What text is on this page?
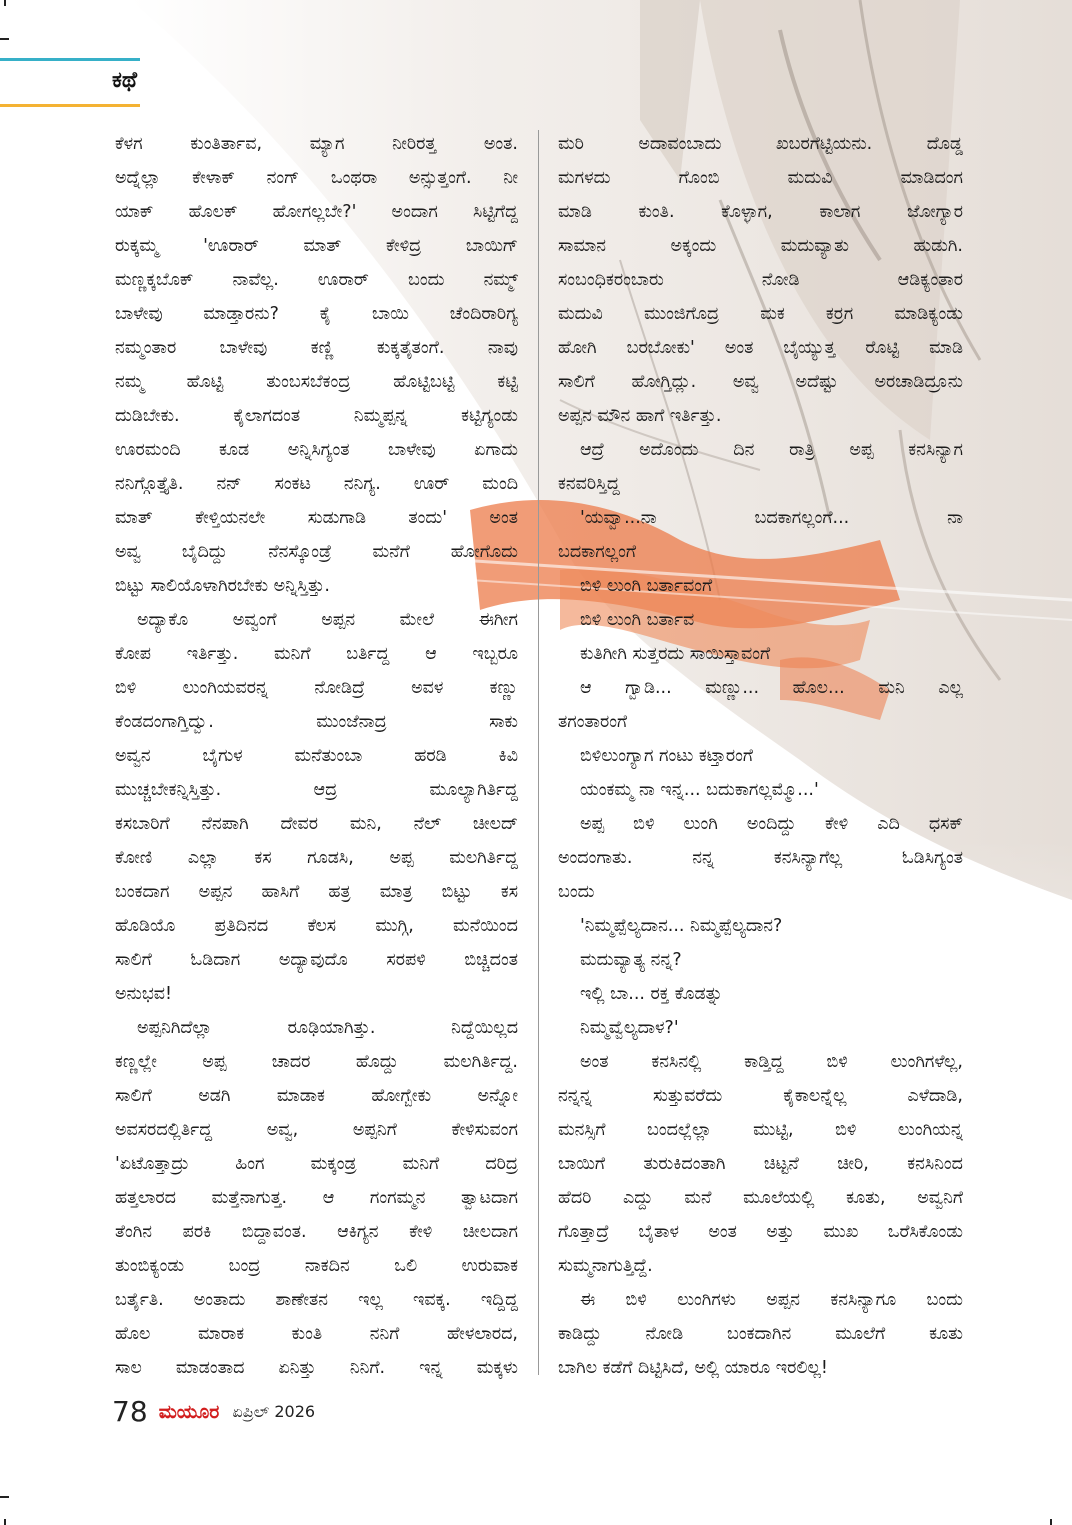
ಕಥೆ
ಕೆಳಗ ಕುಂತಿರ್ತಾವ, ಮ್ಯಾಗ ನೀರಿರತ್ತ ಅಂತ.
ಅದ್ನೆಲ್ಲಾ ಕೇಳಾಕ್ ನಂಗ್ ಒಂಥರಾ ಅನ್ಸುತ್ತಂಗೆ. ನೀ
ಯಾಕ್ ಹೊಲಕ್ ಹೋಗಲ್ಲಬೇ?' ಅಂದಾಗ ಸಿಟ್ಟಿಗೆದ್ದ
ರುಕ್ಕಮ್ಮ 'ಊರಾರ್ ಮಾತ್ ಕೇಳಿದ್ರ ಬಾಯಿಗ್
ಮಣ್ಣಕ್ಕಬೊಕ್ ನಾವೆಲ್ಲ. ಊರಾರ್ ಬಂದು ನಮ್ಮ್
ಬಾಳೇವು ಮಾಡ್ತಾರನು? ಕೈ ಬಾಯಿ ಚೆಂದಿರಾರಿಗ್ಯ
ನಮ್ಮಂತಾರ ಬಾಳೇವು ಕಣ್ಣಿ ಕುಕ್ಕತೈತಂಗೆ. ನಾವು
ನಮ್ಮ ಹೊಟ್ಟಿ ತುಂಬಸಬೆಕಂದ್ರ ಹೊಟ್ಟಿಬಟ್ಟಿ ಕಟ್ಟಿ
ದುಡಿಬೇಕು. ಕೈಲಾಗದಂತ ನಿಮ್ಮಪ್ಪನ್ನ ಕಟ್ಟಿಗ್ಯಂಡು
ಊರಮಂದಿ ಕೂಡ ಅನ್ನಿಸಿಗ್ಯಂತ ಬಾಳೇವು ಏಗಾದು
ನನಿಗ್ಗೊತ್ತೈತಿ. ನನ್ ಸಂಕಟ ನನಿಗ್ಯ. ಊರ್ ಮಂದಿ
ಮಾತ್ ಕೇಳ್ತಿಯನಲೇ ಸುಡುಗಾಡಿ ತಂದು' ಅಂತ
ಅವ್ವ ಬೈದಿದ್ದು ನೆನಸ್ಕೊಂಡ್ರೆ ಮನೆಗೆ ಹೋಗೊದು
ಬಿಟ್ಟು ಸಾಲಿಯೊಳಾಗಿರಬೇಕು ಅನ್ನಿಸ್ತಿತ್ತು.
ಅದ್ಯಾಕೊ ಅವ್ವಂಗೆ ಅಪ್ಪನ ಮೇಲೆ ಈಗೀಗ
ಕೋಪ ಇರ್ತಿತ್ತು. ಮನಿಗೆ ಬರ್ತಿದ್ದ ಆ ಇಬ್ಬರೂ
ಬಿಳಿ ಲುಂಗಿಯವರನ್ನ ನೋಡಿದ್ರೆ ಅವಳ ಕಣ್ಣು
ಕೆಂಡದಂಗಾಗ್ತಿದ್ವು. ಮುಂಜೆನಾದ್ರ ಸಾಕು
ಅವ್ವನ ಬೈಗುಳ ಮನೆತುಂಬಾ ಹರಡಿ ಕಿವಿ
ಮುಚ್ಚಬೇಕನ್ನಿಸ್ತಿತ್ತು. ಆದ್ರ ಮೂಲ್ಯಾಗಿರ್ತಿದ್ದ
ಕಸಬಾರಿಗೆ ನೆನಪಾಗಿ ದೇವರ ಮನಿ, ನೆಲ್ ಚೀಲದ್
ಕೋಣಿ ಎಲ್ಲಾ ಕಸ ಗೂಡಸಿ, ಅಪ್ಪ ಮಲಗಿರ್ತಿದ್ದ
ಬಂಕದಾಗ ಅಪ್ಪನ ಹಾಸಿಗೆ ಹತ್ರ ಮಾತ್ರ ಬಿಟ್ಟು ಕಸ
ಹೊಡಿಯೊ ಪ್ರತಿದಿನದ ಕೆಲಸ ಮುಗ್ಗಿ, ಮನೆಯಿಂದ
ಸಾಲಿಗೆ ಓಡಿದಾಗ ಅದ್ಯಾವುದೊ ಸರಪಳಿ ಬಿಚ್ಚಿದಂತ
ಅನುಭವ!
ಅಪ್ಪನಿಗಿದೆಲ್ಲಾ ರೂಢಿಯಾಗಿತ್ತು. ನಿದ್ದೆಯಿಲ್ಲದ
ಕಣ್ಣಲ್ಲೇ ಅಪ್ಪ ಚಾದರ ಹೊದ್ದು ಮಲಗಿರ್ತಿದ್ದ.
ಸಾಲಿಗೆ ಅಡಗಿ ಮಾಡಾಕ ಹೋಗ್ಬೇಕು ಅನ್ನೋ
ಅವಸರದಲ್ಲಿರ್ತಿದ್ದ ಅವ್ವ, ಅಪ್ಪನಿಗೆ ಕೇಳಿಸುವಂಗ
'ಏಟೊತ್ತಾದ್ರು ಹಿಂಗ ಮಕ್ಕಂಡ್ರ ಮನಿಗೆ ದರಿದ್ರ
ಹತ್ತಲಾರದ ಮತ್ತೆನಾಗುತ್ತ. ಆ ಗಂಗಮ್ಮನ ತ್ವಾಟದಾಗ
ತೆಂಗಿನ ಪರಕಿ ಬಿದ್ದಾವಂತ. ಆಕಿಗ್ಯನ ಕೇಳಿ ಚೀಲದಾಗ
ತುಂಬಿಕ್ಯಂಡು ಬಂದ್ರ ನಾಕದಿನ ಒಲಿ ಉರುವಾಕ
ಬರ್ತೈತಿ. ಅಂತಾದು ಶಾಣೇತನ ಇಲ್ಲ ಇವಕ್ಕ. ಇದ್ದಿದ್ದ
ಹೊಲ ಮಾರಾಕ ಕುಂತಿ ನನಿಗೆ ಹೇಳಲಾರದ,
ಸಾಲ ಮಾಡಂತಾದ ಏನಿತ್ತು ನಿನಿಗೆ. ಇನ್ನ ಮಕ್ಕಳು
ಮರಿ ಅದಾವಂಬಾದು ಖಬರಗೆಟ್ಟಿಯನು. ದೊಡ್ಡ
ಮಗಳದು ಗೊಂಬಿ ಮದುವಿ ಮಾಡಿದಂಗ
ಮಾಡಿ ಕುಂತಿ. ಕೊಳ್ಳಾಗ, ಕಾಲಾಗ ಜೋಗ್ಯಾರ
ಸಾಮಾನ ಅಕ್ಕಂದು ಮದುವ್ಯಾತು ಹುಡುಗಿ.
ಸಂಬಂಧಿಕರಂಬಾರು ನೋಡಿ ಆಡಿಕ್ಯಂತಾರ
ಮದುವಿ ಮುಂಜಿಗೊದ್ರ ಮಕ ಕರ್ರಗ ಮಾಡಿಕ್ಯಂಡು
ಹೋಗಿ ಬರಬೋಕು' ಅಂತ ಬೈಯ್ಯುತ್ತ ರೊಟ್ಟಿ ಮಾಡಿ
ಸಾಲಿಗೆ ಹೋಗ್ತಿದ್ಲು. ಅವ್ವ ಅದೆಷ್ಟು ಅರಚಾಡಿದ್ರೂನು
ಅಪ್ಪನ ಮೌನ ಹಾಗೆ ಇರ್ತಿತ್ತು.
ಆದ್ರೆ ಅದೊಂದು ದಿನ ರಾತ್ರಿ ಅಪ್ಪ ಕನಸಿನ್ಯಾಗ
ಕನವರಿಸ್ತಿದ್ದ
'ಯವ್ವಾ...ನಾ ಬದಕಾಗಲ್ಲಂಗೆ... ನಾ
ಬದಕಾಗಲ್ಲಂಗೆ
ಬಿಳಿ ಲುಂಗಿ ಬರ್ತಾವಂಗೆ
ಬಿಳಿ ಲುಂಗಿ ಬರ್ತಾವ
ಕುತಿಗೀಗಿ ಸುತ್ತರದು ಸಾಯಿಸ್ತಾವಂಗೆ
ಆ ಗ್ವಾಡಿ... ಮಣ್ಣು... ಹೊಲ... ಮನಿ ಎಲ್ಲ
ತಗಂತಾರಂಗೆ
ಬಿಳಿಲುಂಗ್ಯಾಗ ಗಂಟು ಕಟ್ತಾರಂಗೆ
ಯಂಕಮ್ಮ ನಾ ಇನ್ನ... ಬದುಕಾಗಲ್ಲಮ್ಮೊ...'
ಅಪ್ಪ ಬಿಳಿ ಲುಂಗಿ ಅಂದಿದ್ದು ಕೇಳಿ ಎದಿ ಧಸಕ್
ಅಂದಂಗಾತು. ನನ್ನ ಕನಸಿನ್ಯಾಗೆಲ್ಲ ಓಡಿಸಿಗ್ಯಂತ
ಬಂದು
'ನಿಮ್ಮಪ್ಪೆಲ್ಯದಾನ... ನಿಮ್ಮಪ್ಪೆಲ್ಯದಾನ?
ಮದುವ್ಯಾತ್ಯ ನನ್ನ?
ಇಲ್ಲಿ ಬಾ... ರಕ್ತ ಕೊಡತ್ನು
ನಿಮ್ಮವ್ವೆಲ್ಯದಾಳ?'
ಅಂತ ಕನಸಿನಲ್ಲಿ ಕಾಡ್ತಿದ್ದ ಬಿಳಿ ಲುಂಗಿಗಳೆಲ್ಲ,
ನನ್ನನ್ನ ಸುತ್ತುವರೆದು ಕೈಕಾಲನ್ನೆಲ್ಲ ಎಳೆದಾಡಿ,
ಮನಸ್ಸಿಗೆ ಬಂದಲ್ಲೆಲ್ಲಾ ಮುಟ್ಟಿ, ಬಿಳಿ ಲುಂಗಿಯನ್ನ
ಬಾಯಿಗೆ ತುರುಕಿದಂತಾಗಿ ಚಿಟ್ಟನೆ ಚೀರಿ, ಕನಸಿನಿಂದ
ಹೆದರಿ ಎದ್ದು ಮನೆ ಮೂಲೆಯಲ್ಲಿ ಕೂತು, ಅವ್ವನಿಗೆ
ಗೊತ್ತಾದ್ರೆ ಬೈತಾಳ ಅಂತ ಅತ್ತು ಮುಖ ಒರೆಸಿಕೊಂಡು
ಸುಮ್ಮನಾಗುತ್ತಿದ್ದೆ.
ಈ ಬಿಳಿ ಲುಂಗಿಗಳು ಅಪ್ಪನ ಕನಸಿನ್ಯಾಗೂ ಬಂದು
ಕಾಡಿದ್ದು ನೋಡಿ ಬಂಕದಾಗಿನ ಮೂಲೆಗೆ ಕೂತು
ಬಾಗಿಲ ಕಡೆಗೆ ದಿಟ್ಟಿಸಿದೆ, ಅಲ್ಲಿ ಯಾರೂ ಇರಲಿಲ್ಲ!
78 ಮಯೂರ ಏಪ್ರಿಲ್ 2026
